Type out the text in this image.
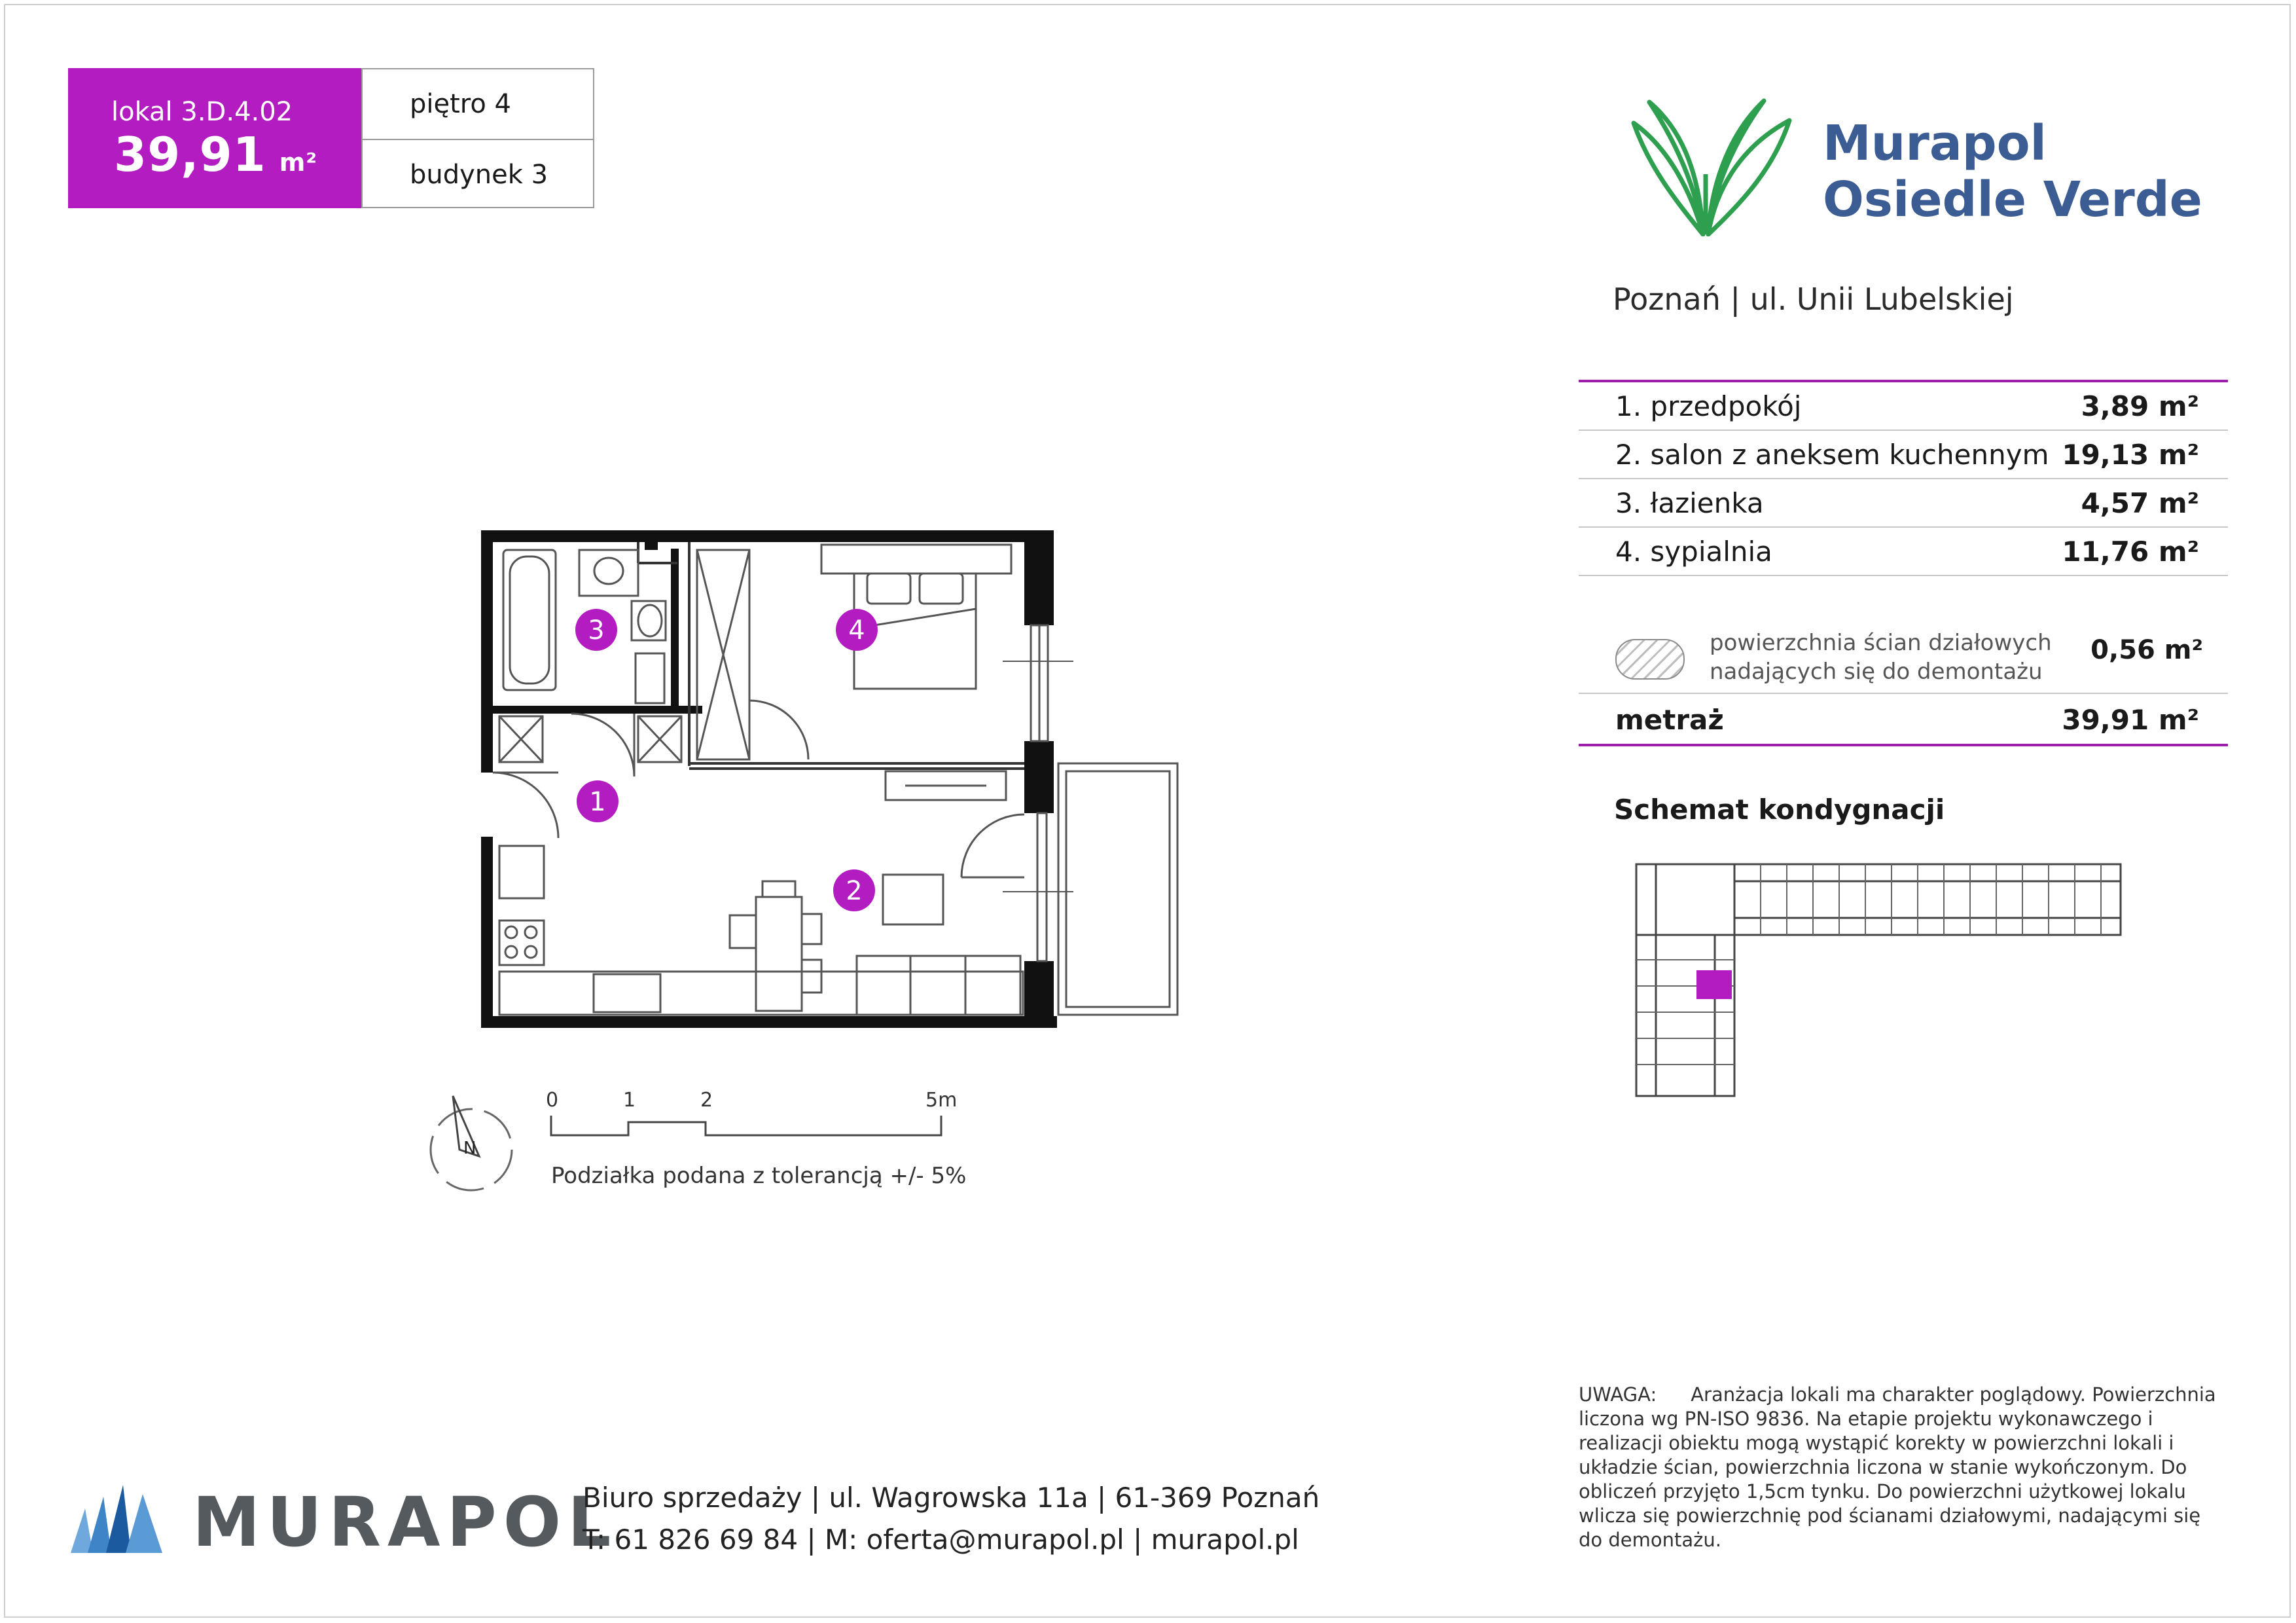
lokal 3.D.4.02
39,91 m²
piętro 4
budynek 3
Murapol
Osiedle Verde
Poznań | ul. Unii Lubelskiej
1. przedpokój	3,89 m²
2. salon z aneksem kuchennym 19,13 m²
3. łazienka	4,57 m²
4. sypialnia	11,76 m²
powierzchnia ścian działowych
nadających się do demontażu
0,56 m²
metraż	39,91 m²
Schemat kondygnacji
1
2
3	4
N
0	1	2	5m
Podziałka podana z tolerancją +/- 5%
MURAPOL
Biuro sprzedaży | ul. Wagrowska 11a | 61-369 Poznań
T: 61 826 69 84 | M: oferta@murapol.pl | murapol.pl
UWAGA: Aranżacja lokali ma charakter poglądowy. Powierzchnia liczona wg PN-ISO 9836. Na etapie projektu wykonawczego i realizacji obiektu mogą wystąpić korekty w powierzchni lokali i układzie ścian, powierzchnia liczona w stanie wykończonym. Do obliczeń przyjęto 1,5cm tynku. Do powierzchni użytkowej lokalu wlicza się powierzchnię pod ścianami działowymi, nadającymi się do demontażu.
